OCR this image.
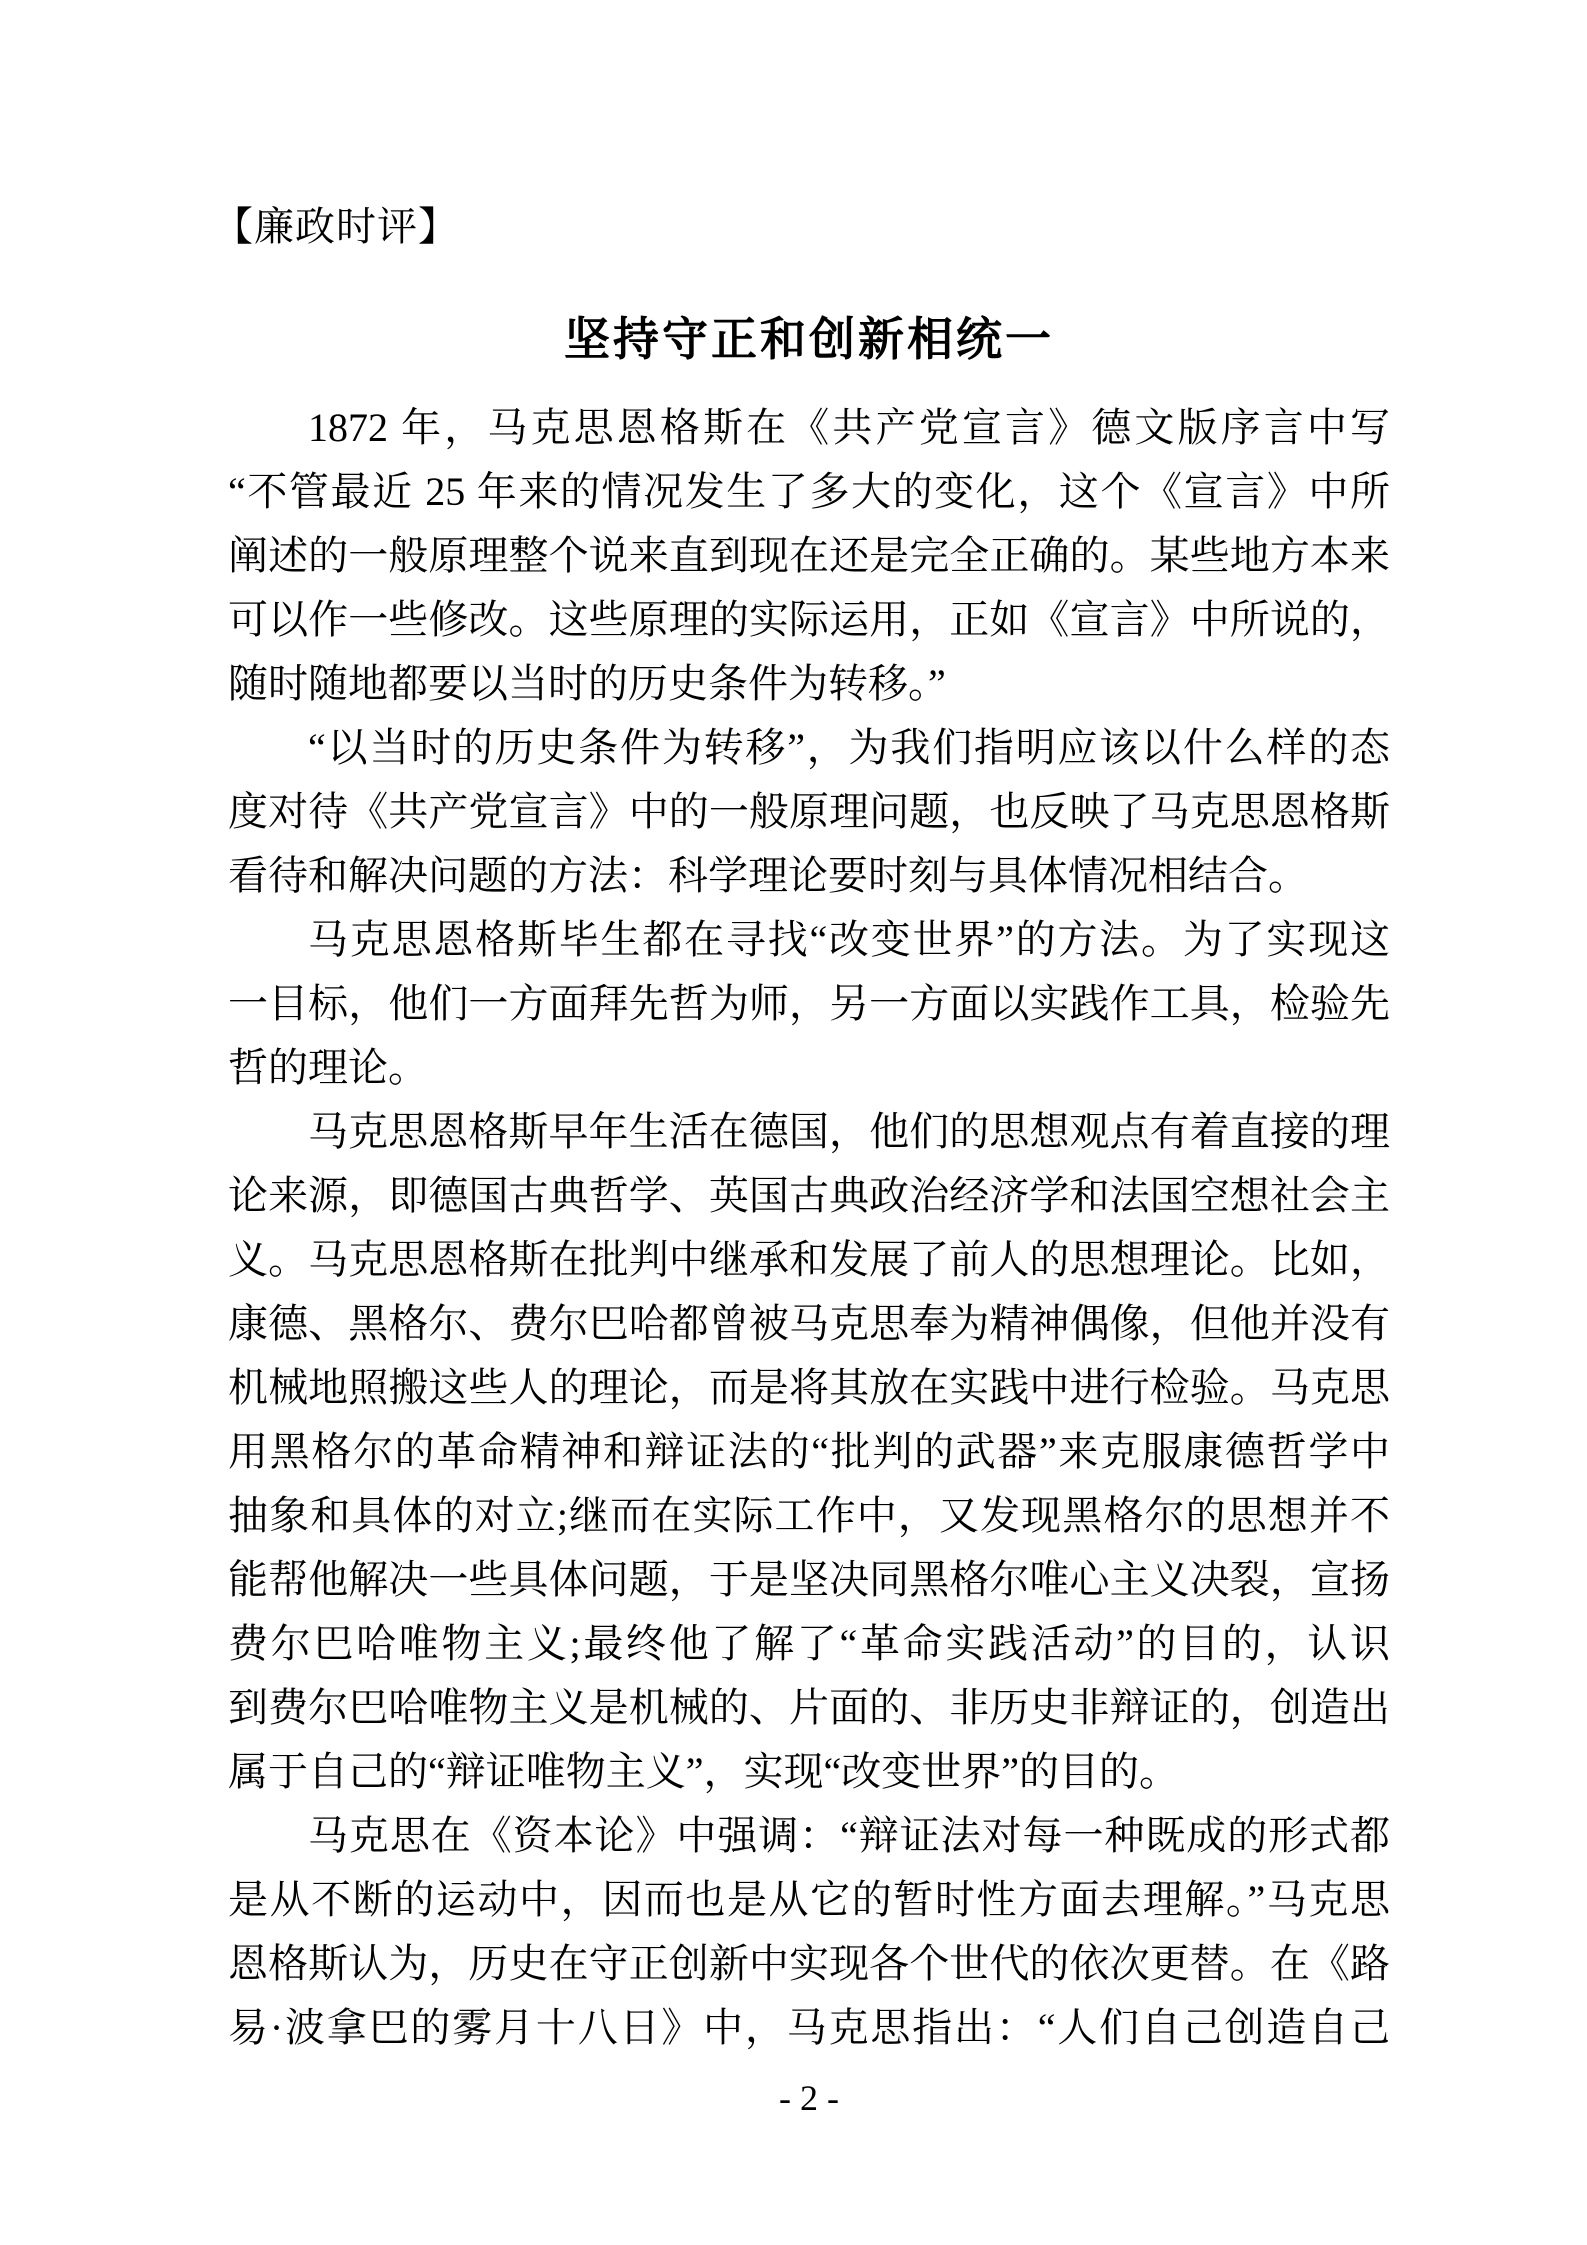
【廉政时评】
坚持守正和创新相统一
1872 年，马克思恩格斯在《共产党宣言》德文版序言中写
“不管最近 25 年来的情况发生了多大的变化，这个《宣言》中所
阐述的一般原理整个说来直到现在还是完全正确的。某些地方本来
可以作一些修改。这些原理的实际运用，正如《宣言》中所说的，
随时随地都要以当时的历史条件为转移。”
“以当时的历史条件为转移”，为我们指明应该以什么样的态
度对待《共产党宣言》中的一般原理问题，也反映了马克思恩格斯
看待和解决问题的方法：科学理论要时刻与具体情况相结合。
马克思恩格斯毕生都在寻找“改变世界”的方法。为了实现这
一目标，他们一方面拜先哲为师，另一方面以实践作工具，检验先
哲的理论。
马克思恩格斯早年生活在德国，他们的思想观点有着直接的理
论来源，即德国古典哲学、英国古典政治经济学和法国空想社会主
义。马克思恩格斯在批判中继承和发展了前人的思想理论。比如，
康德、黑格尔、费尔巴哈都曾被马克思奉为精神偶像，但他并没有
机械地照搬这些人的理论，而是将其放在实践中进行检验。马克思
用黑格尔的革命精神和辩证法的“批判的武器”来克服康德哲学中
抽象和具体的对立;继而在实际工作中，又发现黑格尔的思想并不
能帮他解决一些具体问题，于是坚决同黑格尔唯心主义决裂，宣扬
费尔巴哈唯物主义;最终他了解了“革命实践活动”的目的，认识
到费尔巴哈唯物主义是机械的、片面的、非历史非辩证的，创造出
属于自己的“辩证唯物主义”，实现“改变世界”的目的。
马克思在《资本论》中强调：“辩证法对每一种既成的形式都
是从不断的运动中，因而也是从它的暂时性方面去理解。”马克思
恩格斯认为，历史在守正创新中实现各个世代的依次更替。在《路
易·波拿巴的雾月十八日》中，马克思指出：“人们自己创造自己
- 2 -
